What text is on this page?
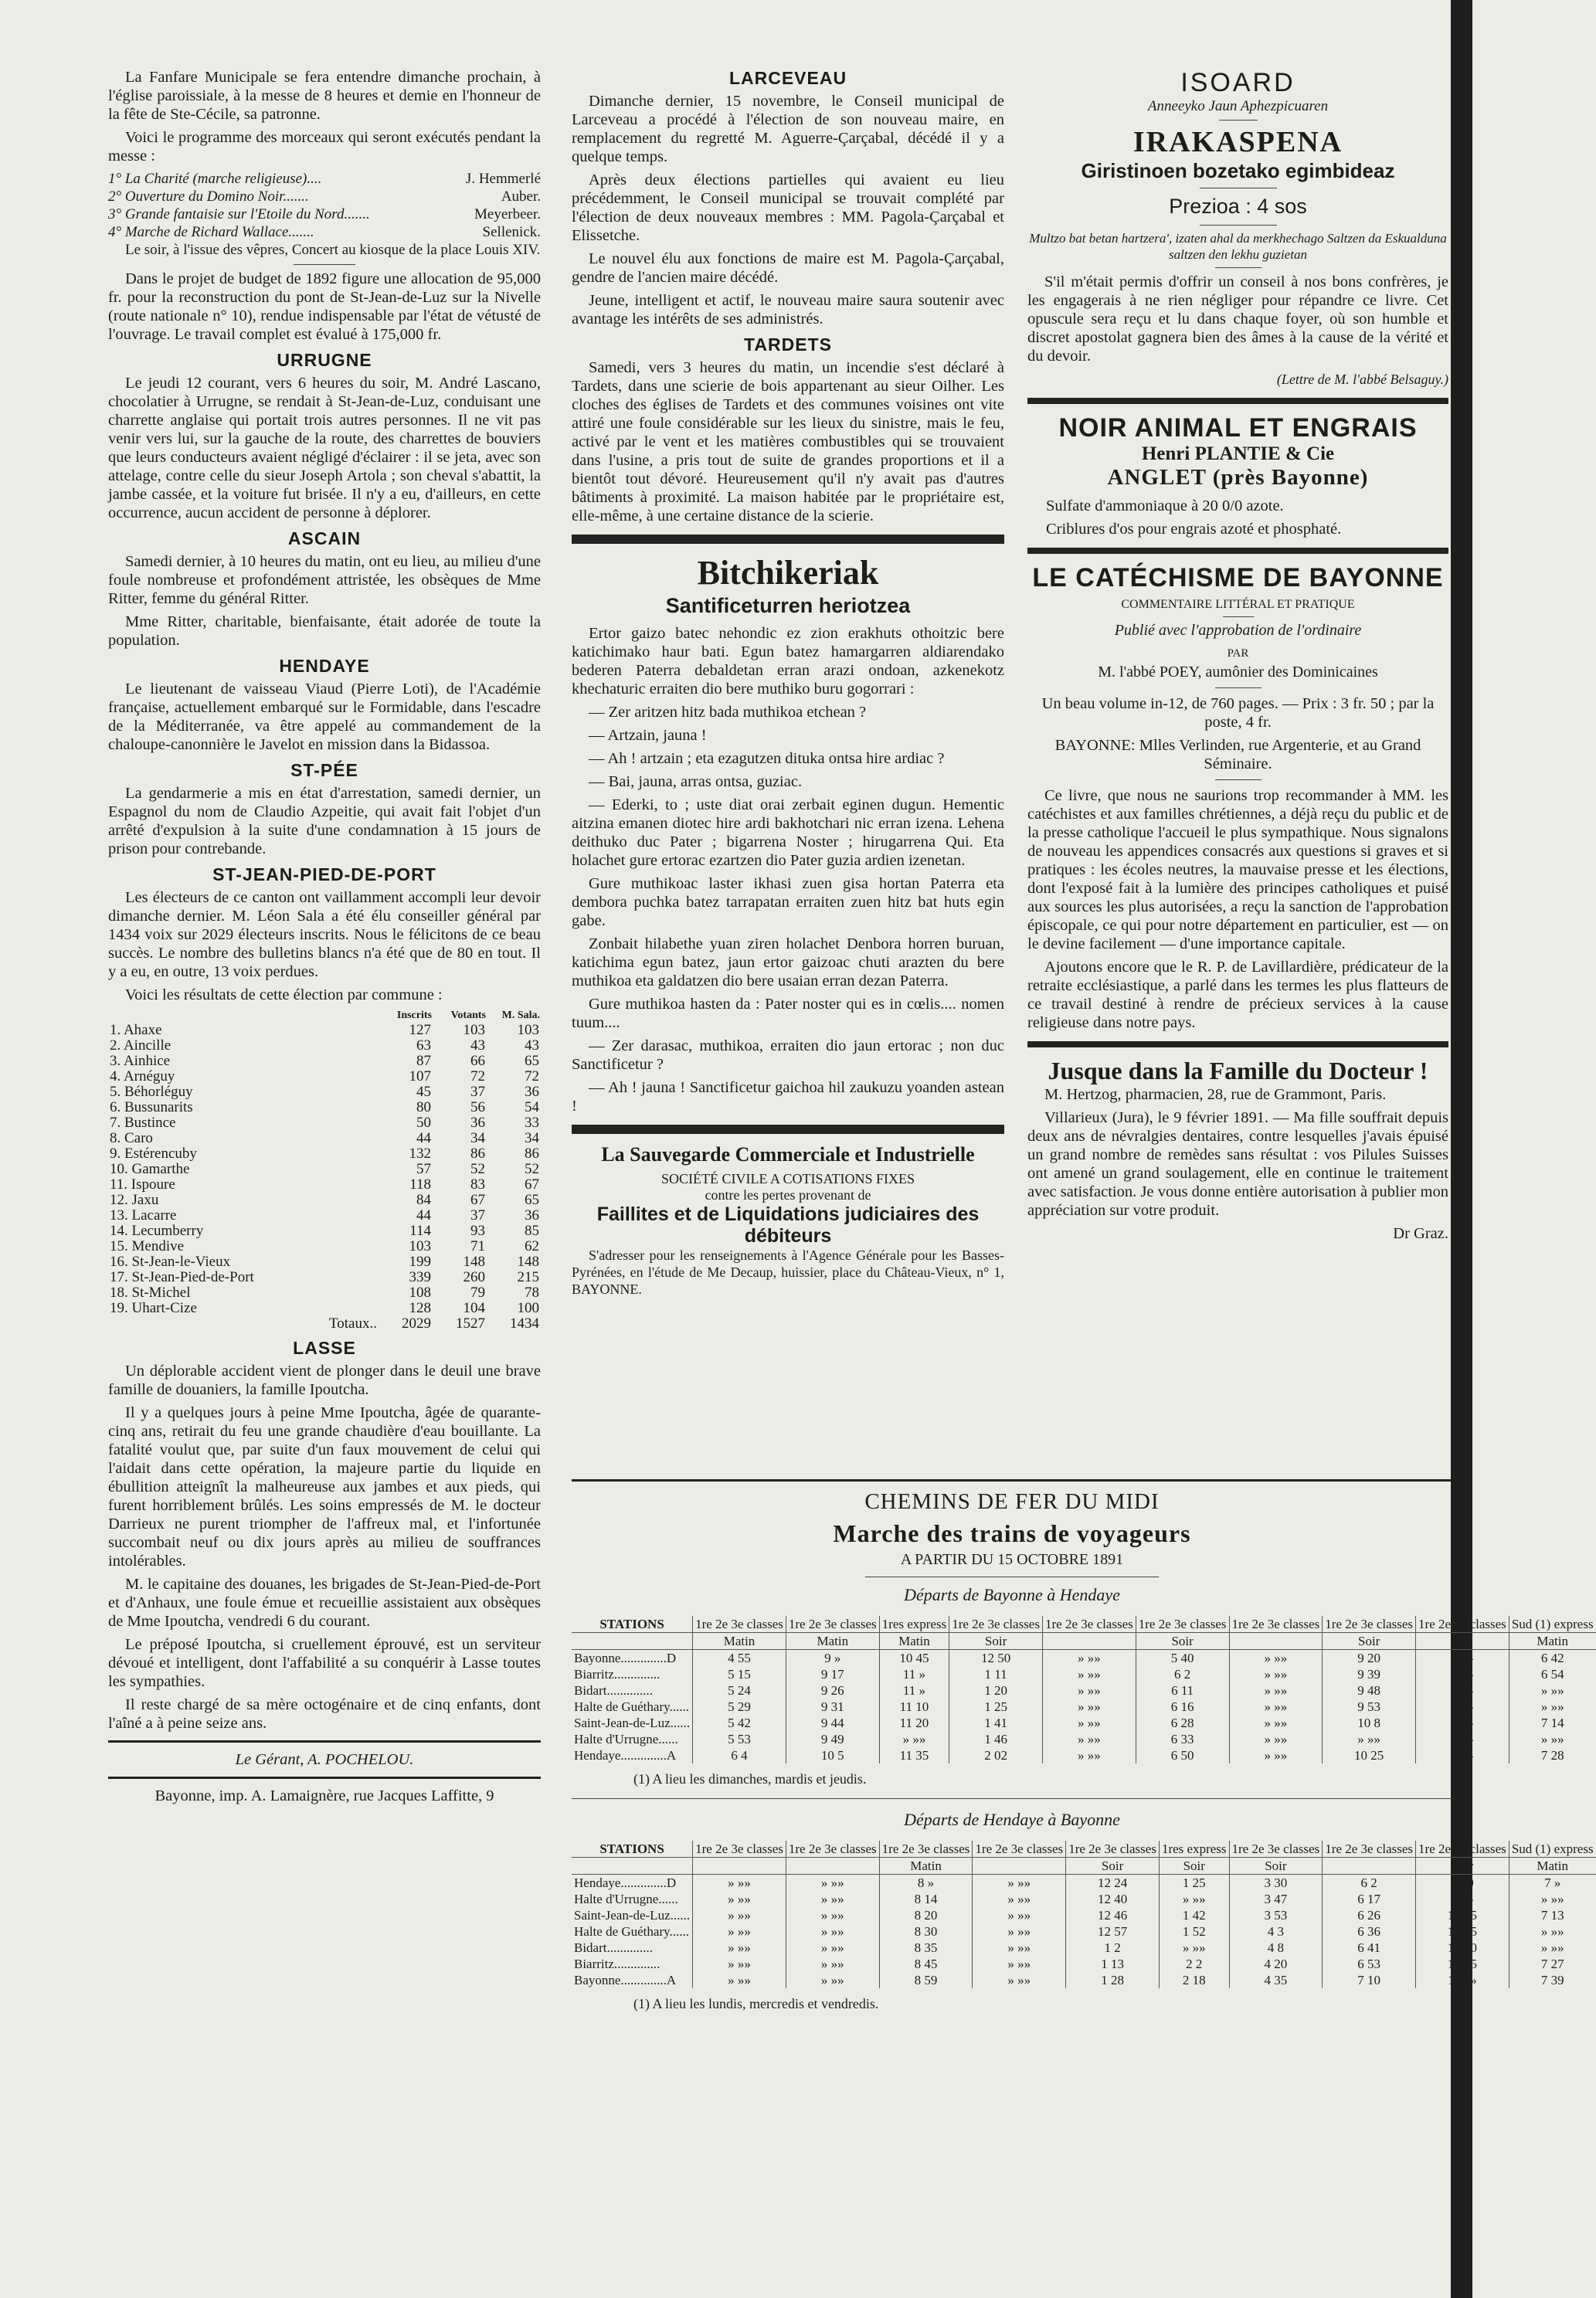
La Fanfare Municipale se fera entendre dimanche prochain, à l'église paroissiale, à la messe de 8 heures et demie en l'honneur de la fête de Ste-Cécile, sa patronne.

Voici le programme des morceaux qui seront exécutés pendant la messe :

1° La Charité (marche religieuse)....	J. Hemmerlé
2° Ouverture du Domino Noir.......	Auber.
3° Grande fantaisie sur l'Etoile du Nord.......	Meyerbeer.
4° Marche de Richard Wallace.......	Sellenick.

Le soir, à l'issue des vêpres, Concert au kiosque de la place Louis XIV.

Dans le projet de budget de 1892 figure une allocation de 95,000 fr. pour la reconstruction du pont de St-Jean-de-Luz sur la Nivelle (route nationale n° 10), rendue indispensable par l'état de vétusté de l'ouvrage. Le travail complet est évalué à 175,000 fr.

URRUGNE

Le jeudi 12 courant, vers 6 heures du soir, M. André Lascano, chocolatier à Urrugne, se rendait à St-Jean-de-Luz, conduisant une charrette anglaise qui portait trois autres personnes. Il ne vit pas venir vers lui, sur la gauche de la route, des charrettes de bouviers que leurs conducteurs avaient négligé d'éclairer : il se jeta, avec son attelage, contre celle du sieur Joseph Artola ; son cheval s'abattit, la jambe cassée, et la voiture fut brisée. Il n'y a eu, d'ailleurs, en cette occurrence, aucun accident de personne à déplorer.

ASCAIN

Samedi dernier, à 10 heures du matin, ont eu lieu, au milieu d'une foule nombreuse et profondément attristée, les obsèques de Mme Ritter, femme du général Ritter.

Mme Ritter, charitable, bienfaisante, était adorée de toute la population.

HENDAYE

Le lieutenant de vaisseau Viaud (Pierre Loti), de l'Académie française, actuellement embarqué sur le Formidable, dans l'escadre de la Méditerranée, va être appelé au commandement de la chaloupe-canonnière le Javelot en mission dans la Bidassoa.

ST-PÉE

La gendarmerie a mis en état d'arrestation, samedi dernier, un Espagnol du nom de Claudio Azpeitie, qui avait fait l'objet d'un arrêté d'expulsion à la suite d'une condamnation à 15 jours de prison pour contrebande.

ST-JEAN-PIED-DE-PORT

Les électeurs de ce canton ont vaillamment accompli leur devoir dimanche dernier. M. Léon Sala a été élu conseiller général par 1434 voix sur 2029 électeurs inscrits. Nous le félicitons de ce beau succès. Le nombre des bulletins blancs n'a été que de 80 en tout. Il y a eu, en outre, 13 voix perdues.

Voici les résultats de cette élection par commune :

	Inscrits	Votants	M. Sala.
1. Ahaxe	127	103	103
2. Aincille	63	43	43
3. Ainhice	87	66	65
4. Arnéguy	107	72	72
5. Béhorléguy	45	37	36
6. Bussunarits	80	56	54
7. Bustince	50	36	33
8. Caro	44	34	34
9. Estérencuby	132	86	86
10. Gamarthe	57	52	52
11. Ispoure	118	83	67
12. Jaxu	84	67	65
13. Lacarre	44	37	36
14. Lecumberry	114	93	85
15. Mendive	103	71	62
16. St-Jean-le-Vieux	199	148	148
17. St-Jean-Pied-de-Port	339	260	215
18. St-Michel	108	79	78
19. Uhart-Cize	128	104	100
Totaux..	2029	1527	1434
LASSE

Un déplorable accident vient de plonger dans le deuil une brave famille de douaniers, la famille Ipoutcha.

Il y a quelques jours à peine Mme Ipoutcha, âgée de quarante-cinq ans, retirait du feu une grande chaudière d'eau bouillante. La fatalité voulut que, par suite d'un faux mouvement de celui qui l'aidait dans cette opération, la majeure partie du liquide en ébullition atteignît la malheureuse aux jambes et aux pieds, qui furent horriblement brûlés. Les soins empressés de M. le docteur Darrieux ne purent triompher de l'affreux mal, et l'infortunée succombait neuf ou dix jours après au milieu de souffrances intolérables.

M. le capitaine des douanes, les brigades de St-Jean-Pied-de-Port et d'Anhaux, une foule émue et recueillie assistaient aux obsèques de Mme Ipoutcha, vendredi 6 du courant.

Le préposé Ipoutcha, si cruellement éprouvé, est un serviteur dévoué et intelligent, dont l'affabilité a su conquérir à Lasse toutes les sympathies.

Il reste chargé de sa mère octogénaire et de cinq enfants, dont l'aîné a à peine seize ans.

Le Gérant, A. POCHELOU.

Bayonne, imp. A. Lamaignère, rue Jacques Laffitte, 9

LARCEVEAU

Dimanche dernier, 15 novembre, le Conseil municipal de Larceveau a procédé à l'élection de son nouveau maire, en remplacement du regretté M. Aguerre-Çarçabal, décédé il y a quelque temps.

Après deux élections partielles qui avaient eu lieu précédemment, le Conseil municipal se trouvait complété par l'élection de deux nouveaux membres : MM. Pagola-Çarçabal et Elissetche.

Le nouvel élu aux fonctions de maire est M. Pagola-Çarçabal, gendre de l'ancien maire décédé.

Jeune, intelligent et actif, le nouveau maire saura soutenir avec avantage les intérêts de ses administrés.

TARDETS

Samedi, vers 3 heures du matin, un incendie s'est déclaré à Tardets, dans une scierie de bois appartenant au sieur Oilher. Les cloches des églises de Tardets et des communes voisines ont vite attiré une foule considérable sur les lieux du sinistre, mais le feu, activé par le vent et les matières combustibles qui se trouvaient dans l'usine, a pris tout de suite de grandes proportions et il a bientôt tout dévoré. Heureusement qu'il n'y avait pas d'autres bâtiments à proximité. La maison habitée par le propriétaire est, elle-même, à une certaine distance de la scierie.

Bitchikeriak
Santificeturren heriotzea

Ertor gaizo batec nehondic ez zion erakhuts othoitzic bere katichimako haur bati. Egun batez hamargarren aldiarendako bederen Paterra debaldetan erran arazi ondoan, azkenekotz khechaturic erraiten dio bere muthiko buru gogorrari :

— Zer aritzen hitz bada muthikoa etchean ?

— Artzain, jauna !

— Ah ! artzain ; eta ezagutzen dituka ontsa hire ardiac ?

— Bai, jauna, arras ontsa, guziac.

— Ederki, to ; uste diat orai zerbait eginen dugun. Hementic aitzina emanen diotec hire ardi bakhotchari nic erran izena. Lehena deithuko duc Pater ; bigarrena Noster ; hirugarrena Qui. Eta holachet gure ertorac ezartzen dio Pater guzia ardien izenetan.

Gure muthikoac laster ikhasi zuen gisa hortan Paterra eta dembora puchka batez tarrapatan erraiten zuen hitz bat huts egin gabe.

Zonbait hilabethe yuan ziren holachet Denbora horren buruan, katichima egun batez, jaun ertor gaizoac chuti arazten du bere muthikoa eta galdatzen dio bere usaian erran dezan Paterra.

Gure muthikoa hasten da : Pater noster qui es in cœlis.... nomen tuum....

— Zer darasac, muthikoa, erraiten dio jaun ertorac ; non duc Sanctificetur ?

— Ah ! jauna ! Sanctificetur gaichoa hil zaukuzu yoanden astean !

La Sauvegarde Commerciale et Industrielle
SOCIÉTÉ CIVILE A COTISATIONS FIXES
contre les pertes provenant de
Faillites et de Liquidations judiciaires des débiteurs

S'adresser pour les renseignements à l'Agence Générale pour les Basses-Pyrénées, en l'étude de Me Decaup, huissier, place du Château-Vieux, n° 1, BAYONNE.

ISOARD
Anneeyko Jaun Aphezpicuaren
IRAKASPENA
Giristinoen bozetako egimbideaz
Prezioa : 4 sos

Multzo bat betan hartzera', izaten ahal da merkhechago Saltzen da Eskualduna saltzen den lekhu guzietan

S'il m'était permis d'offrir un conseil à nos bons confrères, je les engagerais à ne rien négliger pour répandre ce livre. Cet opuscule sera reçu et lu dans chaque foyer, où son humble et discret apostolat gagnera bien des âmes à la cause de la vérité et du devoir.

(Lettre de M. l'abbé Belsaguy.)

NOIR ANIMAL ET ENGRAIS
Henri PLANTIE & Cie
ANGLET (près Bayonne)

Sulfate d'ammoniaque à 20 0/0 azote.

Criblures d'os pour engrais azoté et phosphaté.

LE CATÉCHISME DE BAYONNE
COMMENTAIRE LITTÉRAL ET PRATIQUE
Publié avec l'approbation de l'ordinaire
PAR
M. l'abbé POEY, aumônier des Dominicaines

Un beau volume in-12, de 760 pages. — Prix : 3 fr. 50 ; par la poste, 4 fr.

BAYONNE: Mlles Verlinden, rue Argenterie, et au Grand Séminaire.

Ce livre, que nous ne saurions trop recommander à MM. les catéchistes et aux familles chrétiennes, a déjà reçu du public et de la presse catholique l'accueil le plus sympathique. Nous signalons de nouveau les appendices consacrés aux questions si graves et si pratiques : les écoles neutres, la mauvaise presse et les élections, dont l'exposé fait à la lumière des principes catholiques et puisé aux sources les plus autorisées, a reçu la sanction de l'approbation épiscopale, ce qui pour notre département en particulier, est — on le devine facilement — d'une importance capitale.

Ajoutons encore que le R. P. de Lavillardière, prédicateur de la retraite ecclésiastique, a parlé dans les termes les plus flatteurs de ce travail destiné à rendre de précieux services à la cause religieuse dans notre pays.

Jusque dans la Famille du Docteur !

M. Hertzog, pharmacien, 28, rue de Grammont, Paris.

Villarieux (Jura), le 9 février 1891. — Ma fille souffrait depuis deux ans de névralgies dentaires, contre lesquelles j'avais épuisé un grand nombre de remèdes sans résultat : vos Pilules Suisses ont amené un grand soulagement, elle en continue le traitement avec satisfaction. Je vous donne entière autorisation à publier mon appréciation sur votre produit.

Dr Graz.

CHEMINS DE FER DU MIDI
Marche des trains de voyageurs
A PARTIR DU 15 OCTOBRE 1891
Départs de Bayonne à Hendaye
STATIONS	1re 2e 3e classes	1re 2e 3e classes	1res express	1re 2e 3e classes	1re 2e 3e classes	1re 2e 3e classes	1re 2e 3e classes	1re 2e 3e classes	1re 2e 3e classes	Sud (1) express
	Matin	Matin	Matin	Soir		Soir		Soir		Matin
Bayonne..............D	4 55	9 »	10 45	12 50	» »»	5 40	» »»	9 20	» »»	6 42
Biarritz..............	5 15	9 17	11 »	1 11	» »»	6 2	» »»	9 39	» »»	6 54
Bidart..............	5 24	9 26	11 »	1 20	» »»	6 11	» »»	9 48	» »»	» »»
Halte de Guéthary......	5 29	9 31	11 10	1 25	» »»	6 16	» »»	9 53	» »»	» »»
Saint-Jean-de-Luz......	5 42	9 44	11 20	1 41	» »»	6 28	» »»	10 8	» »»	7 14
Halte d'Urrugne......	5 53	9 49	» »»	1 46	» »»	6 33	» »»	» »»	» »»	» »»
Hendaye..............A	6 4	10 5	11 35	2 02	» »»	6 50	» »»	10 25	» »»	7 28
(1) A lieu les dimanches, mardis et jeudis.
Départs de Hendaye à Bayonne
STATIONS	1re 2e 3e classes	1re 2e 3e classes	1re 2e 3e classes	1re 2e 3e classes	1re 2e 3e classes	1res express	1re 2e 3e classes	1re 2e 3e classes	1re 2e 3e classes	Sud (1) express
			Matin		Soir	Soir	Soir		Soir	Matin
Hendaye..............D	» »»	» »»	8 »	» »»	12 24	1 25	3 30	6 2	9 50	7 »
Halte d'Urrugne......	» »»	» »»	8 14	» »»	12 40	» »»	3 47	6 17	» »»	» »»
Saint-Jean-de-Luz......	» »»	» »»	8 20	» »»	12 46	1 42	3 53	6 26	10 15	7 13
Halte de Guéthary......	» »»	» »»	8 30	» »»	12 57	1 52	4 3	6 36	10 25	» »»
Bidart..............	» »»	» »»	8 35	» »»	1 2	» »»	4 8	6 41	10 30	» »»
Biarritz..............	» »»	» »»	8 45	» »»	1 13	2 2	4 20	6 53	10 45	7 27
Bayonne..............A	» »»	» »»	8 59	» »»	1 28	2 18	4 35	7 10	11 »»	7 39
(1) A lieu les lundis, mercredis et vendredis.
